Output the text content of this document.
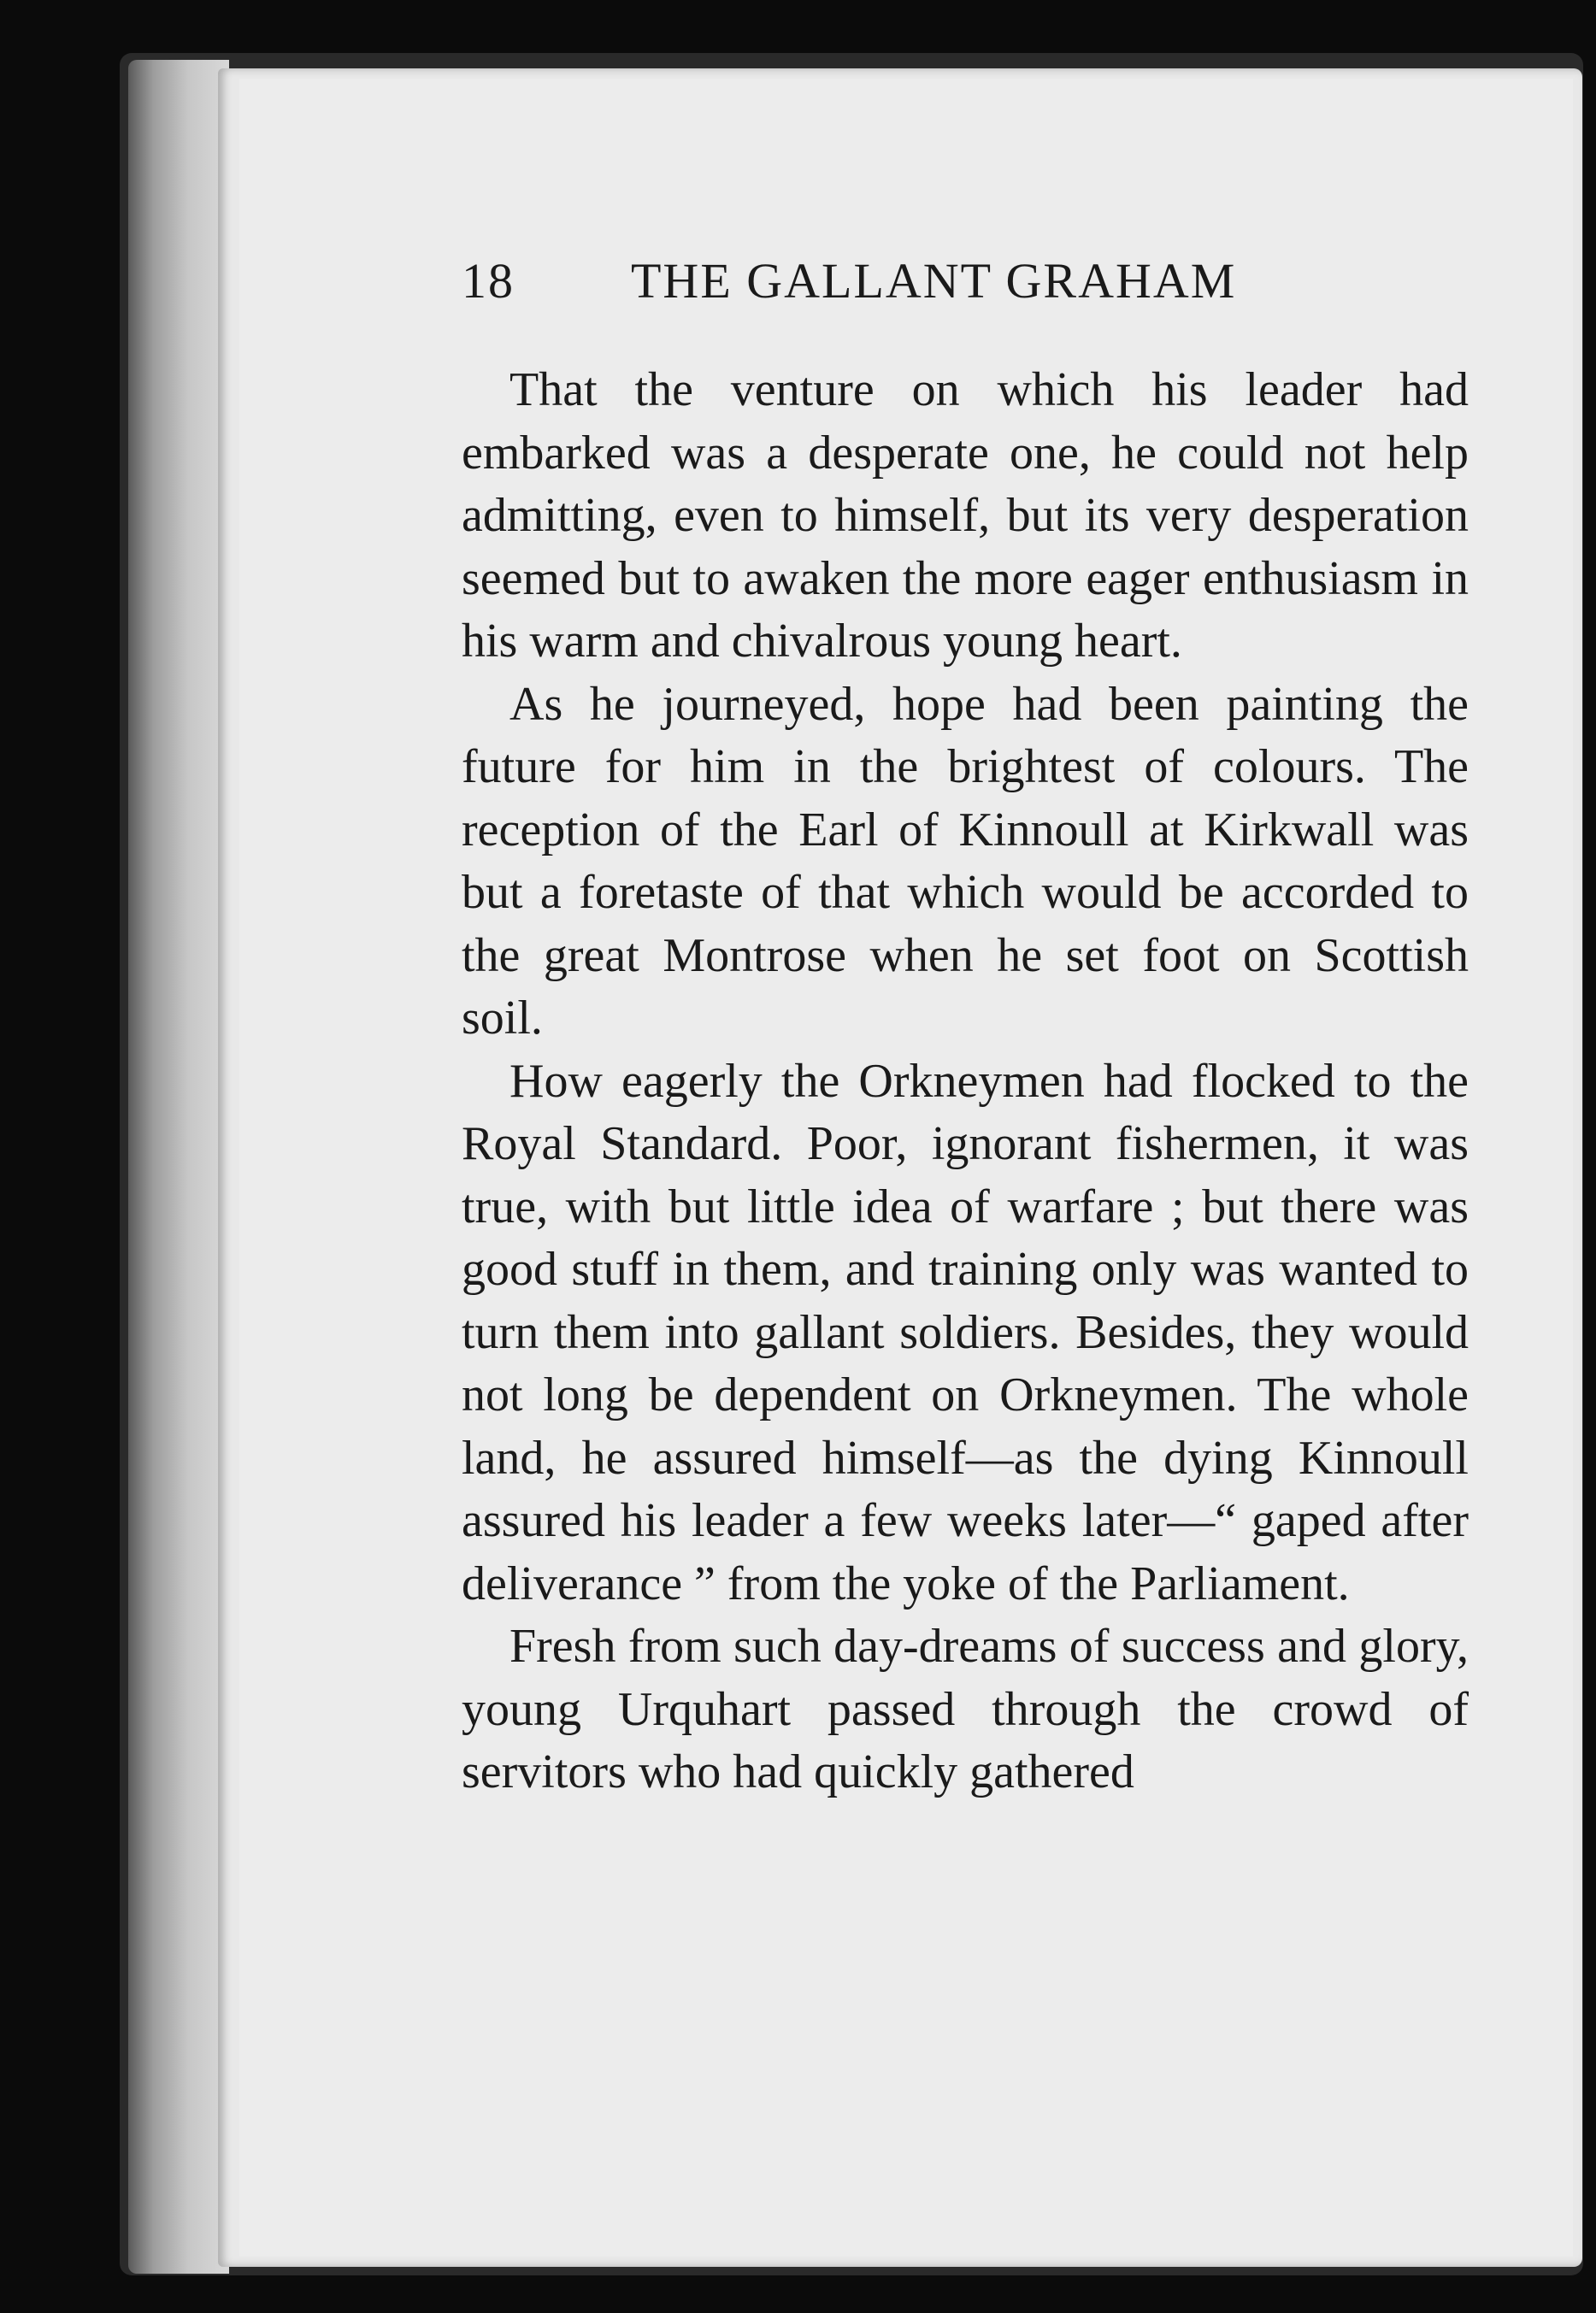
18 THE GALLANT GRAHAM

That the venture on which his leader had embarked was a desperate one, he could not help admitting, even to himself, but its very desperation seemed but to awaken the more eager enthusiasm in his warm and chivalrous young heart.

As he journeyed, hope had been painting the future for him in the brightest of colours. The reception of the Earl of Kinnoull at Kirkwall was but a foretaste of that which would be accorded to the great Montrose when he set foot on Scottish soil.

How eagerly the Orkneymen had flocked to the Royal Standard. Poor, ignorant fishermen, it was true, with but little idea of warfare ; but there was good stuff in them, and training only was wanted to turn them into gallant soldiers. Besides, they would not long be dependent on Orkneymen. The whole land, he assured himself—as the dying Kinnoull assured his leader a few weeks later—“ gaped after deliverance ” from the yoke of the Parliament.

Fresh from such day-dreams of success and glory, young Urquhart passed through the crowd of servitors who had quickly gathered
